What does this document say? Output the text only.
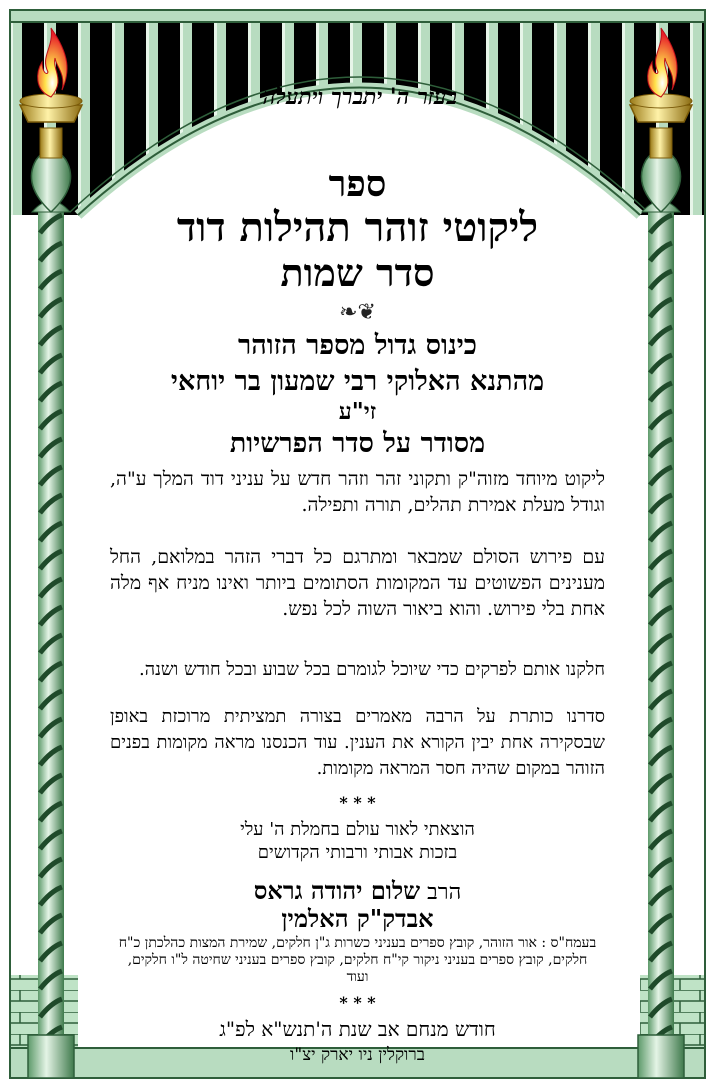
בעזר ה' יתברך ויתעלה
ספר
ליקוטי זוהר תהילות דוד
סדר שמות
❦❧
כינוס גדול מספר הזוהר
מהתנא האלוקי רבי שמעון בר יוחאי
זי"ע
מסודר על סדר הפרשיות
ליקוט מיוחד מזוה"ק ותקוני זהר וזהר חדש על עניני דוד המלך ע"ה, וגודל מעלת אמירת תהלים, תורה ותפילה.
עם פירוש הסולם שמבאר ומתרגם כל דברי הזהר במלואם, החל מענינים הפשוטים עד המקומות הסתומים ביותר ואינו מניח אף מלה אחת בלי פירוש. והוא ביאור השוה לכל נפש.
חלקנו אותם לפרקים כדי שיוכל לגומרם בכל שבוע ובכל חודש ושנה.
סדרנו כותרת על הרבה מאמרים בצורה תמציתית מרוכזת באופן שבסקירה אחת יבין הקורא את הענין. עוד הכנסנו מראה מקומות בפנים הזוהר במקום שהיה חסר המראה מקומות.
* * *
הוצאתי לאור עולם בחמלת ה' עלי
בזכות אבותי ורבותי הקדושים
הרב שלום יהודה גראס
אבדק"ק האלמין
בעמח"ס : אור הזוהר, קובץ ספרים בעניני כשרות ג"ן חלקים, שמירת המצות כהלכתן כ"ח חלקים, קובץ ספרים בעניני ניקור קי"ח חלקים, קובץ ספרים בעניני שחיטה ל"ו חלקים, ועוד
* * *
חודש מנחם אב שנת ה'תנש"א לפ"ג
ברוקלין ניו יארק יצ"ו
